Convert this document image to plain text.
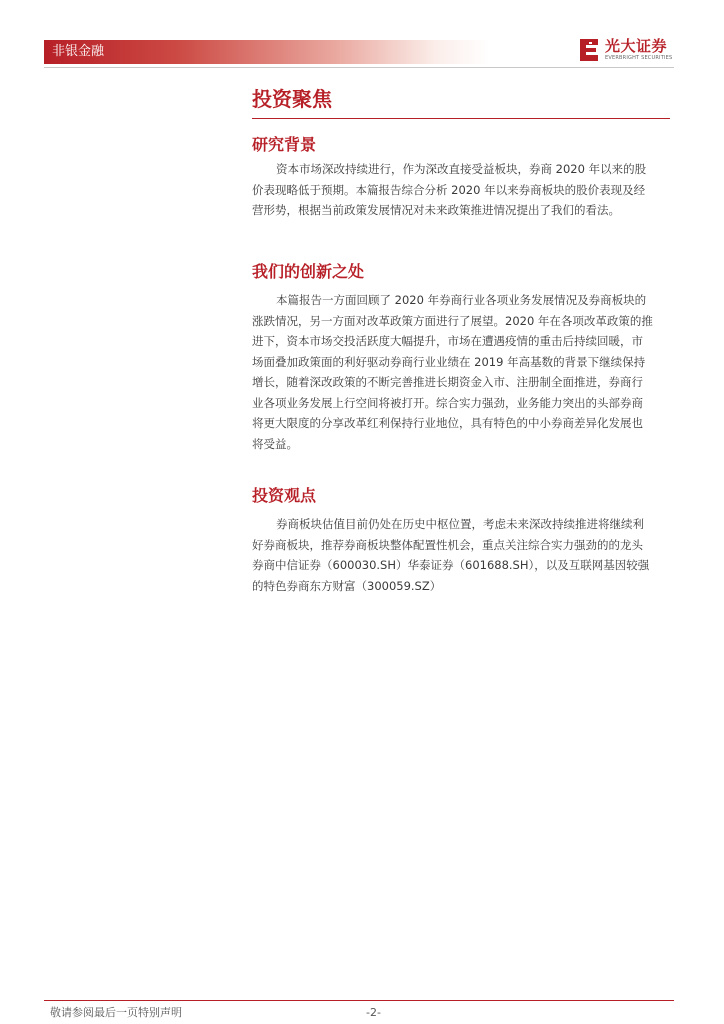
非银金融	光大证券
EVERBRIGHT SECURITIES
投资聚焦
研究背景

资本市场深改持续进行，作为深改直接受益板块，券商 2020 年以来的股
价表现略低于预期。本篇报告综合分析 2020 年以来券商板块的股价表现及经
营形势，根据当前政策发展情况对未来政策推进情况提出了我们的看法。

我们的创新之处

本篇报告一方面回顾了 2020 年券商行业各项业务发展情况及券商板块的
涨跌情况，另一方面对改革政策方面进行了展望。2020 年在各项改革政策的推
进下，资本市场交投活跃度大幅提升，市场在遭遇疫情的重击后持续回暖，市
场面叠加政策面的利好驱动券商行业业绩在 2019 年高基数的背景下继续保持
增长，随着深改政策的不断完善推进长期资金入市、注册制全面推进，券商行
业各项业务发展上行空间将被打开。综合实力强劲，业务能力突出的头部券商
将更大限度的分享改革红利保持行业地位，具有特色的中小券商差异化发展也
将受益。

投资观点

券商板块估值目前仍处在历史中枢位置，考虑未来深改持续推进将继续利
好券商板块，推荐券商板块整体配置性机会，重点关注综合实力强劲的的龙头
券商中信证券（600030.SH）华泰证券（601688.SH），以及互联网基因较强
的特色券商东方财富（300059.SZ）

敬请参阅最后一页特别声明	-2-
